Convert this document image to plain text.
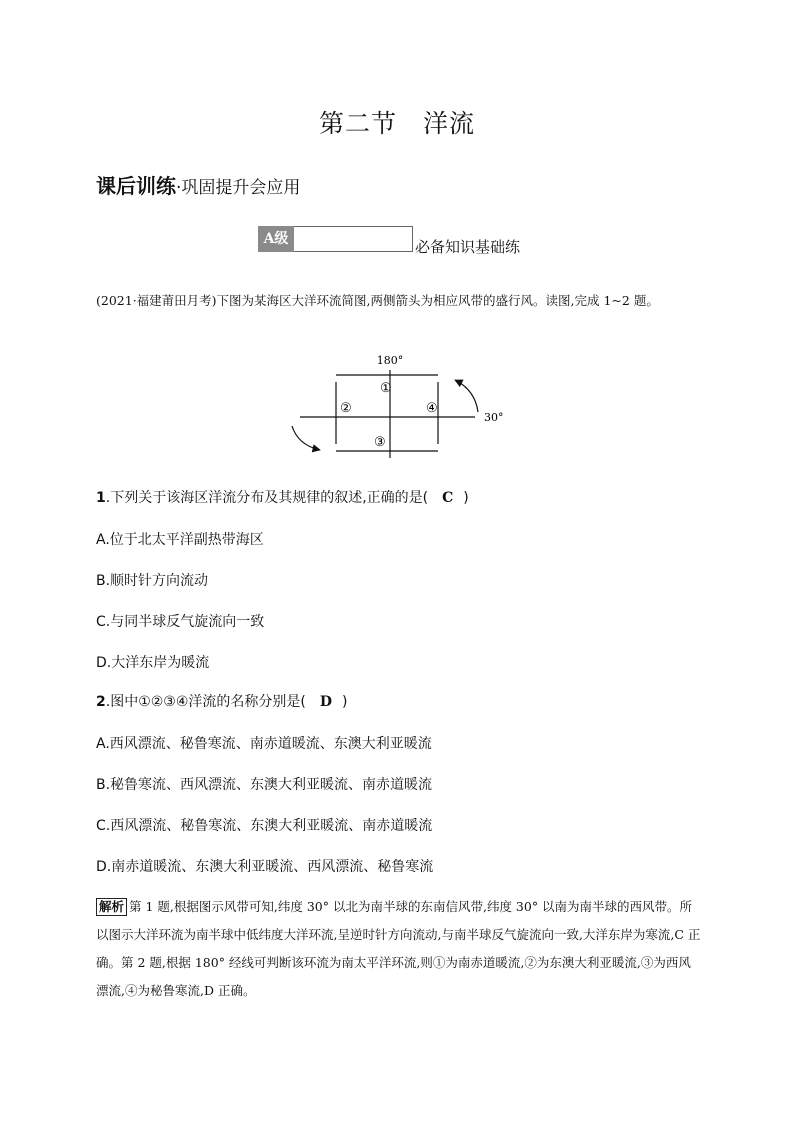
第二节 洋流
课后训练·巩固提升会应用
A级	必备知识基础练
(2021·福建莆田月考)下图为某海区大洋环流简图,两侧箭头为相应风带的盛行风。读图,完成 1~2 题。
180°
30°
①
②
③
④
1.下列关于该海区洋流分布及其规律的叙述,正确的是( C )
A.位于北太平洋副热带海区
B.顺时针方向流动
C.与同半球反气旋流向一致
D.大洋东岸为暖流
2.图中①②③④洋流的名称分别是( D )
A.西风漂流、秘鲁寒流、南赤道暖流、东澳大利亚暖流
B.秘鲁寒流、西风漂流、东澳大利亚暖流、南赤道暖流
C.西风漂流、秘鲁寒流、东澳大利亚暖流、南赤道暖流
D.南赤道暖流、东澳大利亚暖流、西风漂流、秘鲁寒流
解析 第 1 题,根据图示风带可知,纬度 30° 以北为南半球的东南信风带,纬度 30° 以南为南半球的西风带。所以图示大洋环流为南半球中低纬度大洋环流,呈逆时针方向流动,与南半球反气旋流向一致,大洋东岸为寒流,C 正确。第 2 题,根据 180° 经线可判断该环流为南太平洋环流,则①为南赤道暖流,②为东澳大利亚暖流,③为西风漂流,④为秘鲁寒流,D 正确。
